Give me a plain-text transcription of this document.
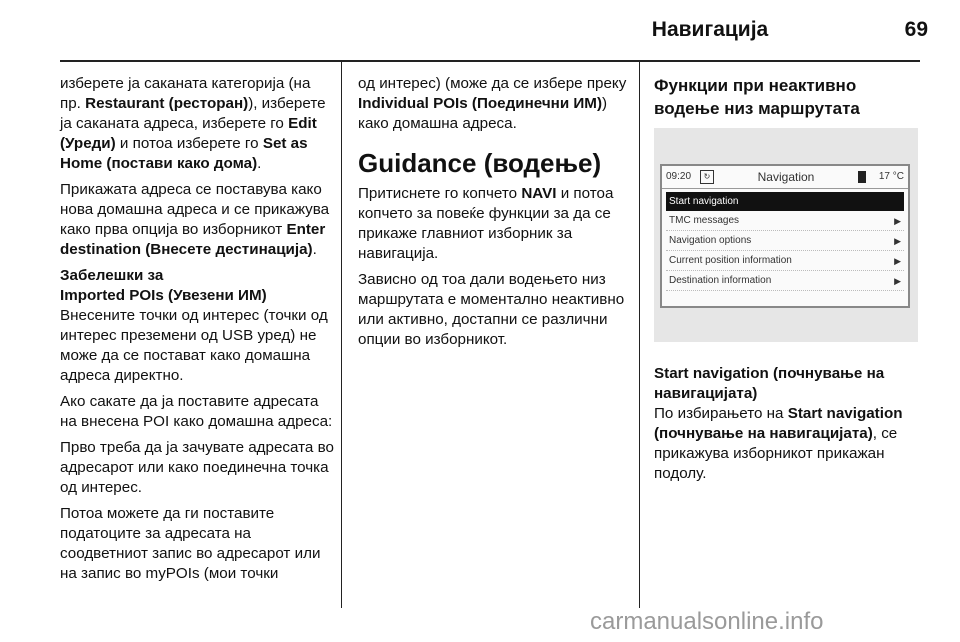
Навигација	69

изберете ја саканата категорија (на пр. Restaurant (ресторан)), изберете ја саканата адреса, изберете го Edit (Уреди) и потоа изберете го Set as Home (постави како дома).

Прикажата адреса се поставува како нова домашна адреса и се прикажува како прва опција во изборникот Enter destination (Внесете дестинација).

Забелешки за
Imported POIs (Увезени ИМ)

Внесените точки од интерес (точки од интерес преземени од USB уред) не може да се постават како домашна адреса директно.

Ако сакате да ја поставите адресата на внесена POI како домашна адреса:

Прво треба да ја зачувате адресата во адресарот или како поединечна точка од интерес.

Потоа можете да ги поставите податоците за адресата на соодветниот запис во адресарот или на запис во myPOIs (мои точки

од интерес) (може да се избере преку Individual POIs (Поединечни ИМ)) како домашна адреса.

Guidance (водење)

Притиснете го копчето NAVI и потоа копчето за повеќе функции за да се прикаже главниот изборник за навигација.

Зависно од тоа дали водењето низ маршрутата е моментално неактивно или активно, достапни се различни опции во изборникот.

Функции при неактивно водење низ маршрутата
09:20	↻	Navigation	17 °C
Start navigation
TMC messages	▶
Navigation options	▶
Current position information	▶
Destination information	▶

Start navigation (почнување на навигацијата)

По избирањето на Start navigation (почнување на навигацијата), се прикажува изборникот прикажан подолу.

carmanualsonline.info
